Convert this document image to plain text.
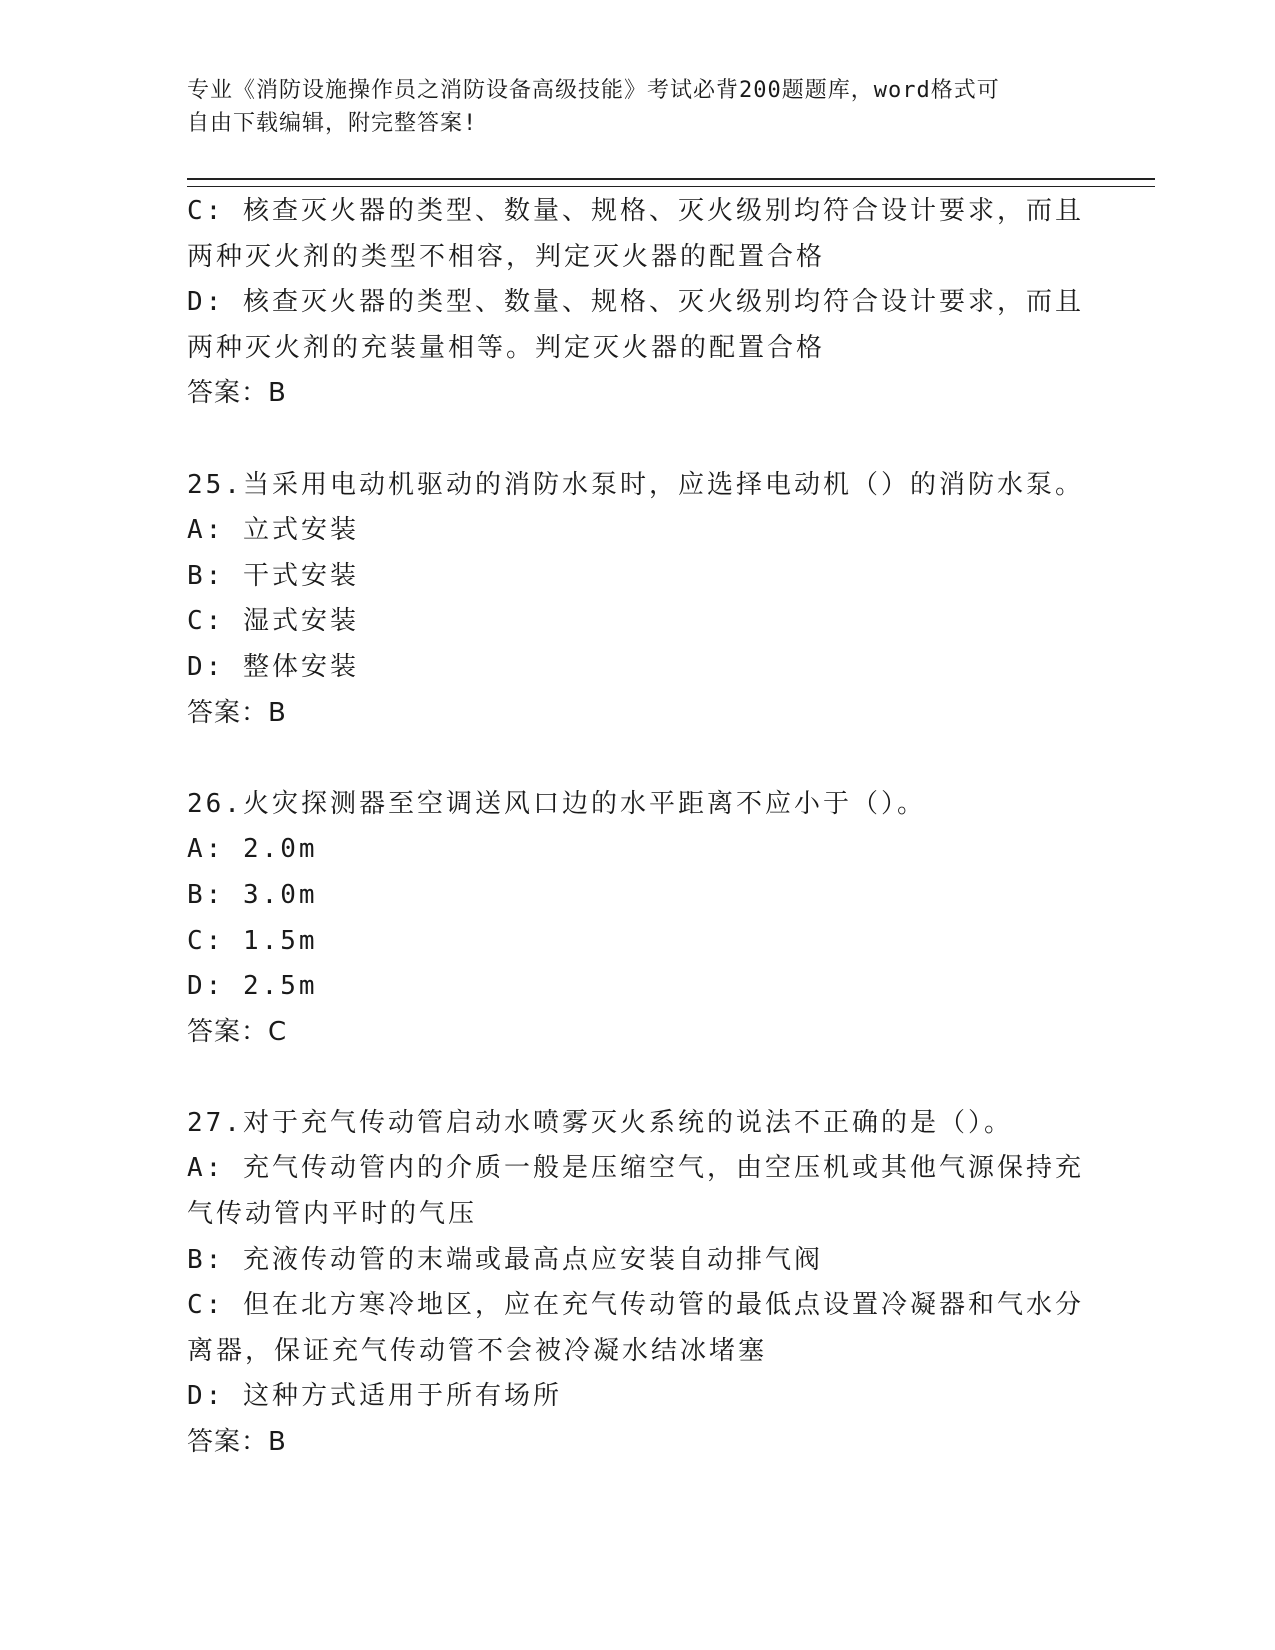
专业《消防设施操作员之消防设备高级技能》考试必背200题题库，word格式可
自由下载编辑，附完整答案!
C: 核查灭火器的类型、数量、规格、灭火级别均符合设计要求，而且
两种灭火剂的类型不相容，判定灭火器的配置合格
D: 核查灭火器的类型、数量、规格、灭火级别均符合设计要求，而且
两种灭火剂的充装量相等。判定灭火器的配置合格
答案：B
25.当采用电动机驱动的消防水泵时，应选择电动机（）的消防水泵。
A: 立式安装
B: 干式安装
C: 湿式安装
D: 整体安装
答案：B
26.火灾探测器至空调送风口边的水平距离不应小于（）。
A: 2.0m
B: 3.0m
C: 1.5m
D: 2.5m
答案：C
27.对于充气传动管启动水喷雾灭火系统的说法不正确的是（）。
A: 充气传动管内的介质一般是压缩空气，由空压机或其他气源保持充
气传动管内平时的气压
B: 充液传动管的末端或最高点应安装自动排气阀
C: 但在北方寒冷地区，应在充气传动管的最低点设置冷凝器和气水分
离器，保证充气传动管不会被冷凝水结冰堵塞
D: 这种方式适用于所有场所
答案：B
